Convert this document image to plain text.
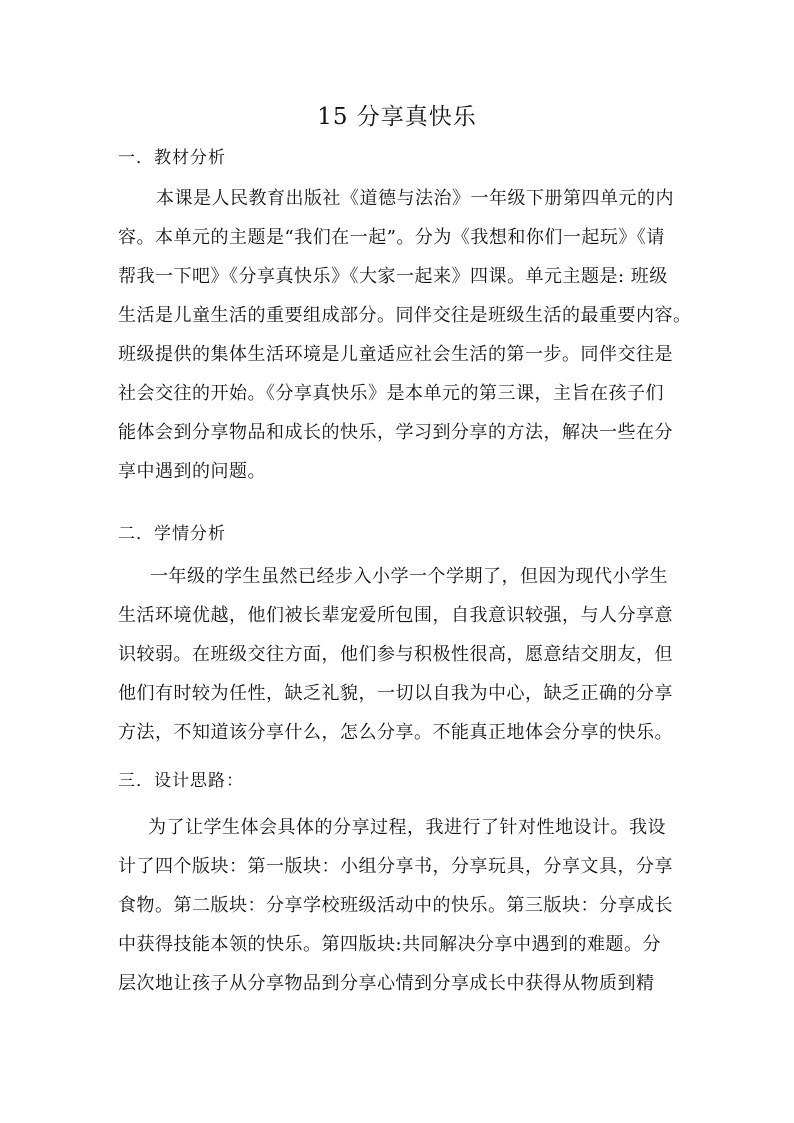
15 分享真快乐
一．教材分析
本课是人民教育出版社《道德与法治》一年级下册第四单元的内
容。本单元的主题是“我们在一起”。分为《我想和你们一起玩》《请
帮我一下吧》《分享真快乐》《大家一起来》四课。单元主题是: 班级
生活是儿童生活的重要组成部分。同伴交往是班级生活的最重要内容。
班级提供的集体生活环境是儿童适应社会生活的第一步。同伴交往是
社会交往的开始。《分享真快乐》是本单元的第三课，主旨在孩子们
能体会到分享物品和成长的快乐，学习到分享的方法，解决一些在分
享中遇到的问题。
二．学情分析
一年级的学生虽然已经步入小学一个学期了，但因为现代小学生
生活环境优越，他们被长辈宠爱所包围，自我意识较强，与人分享意
识较弱。在班级交往方面，他们参与积极性很高，愿意结交朋友，但
他们有时较为任性，缺乏礼貌，一切以自我为中心，缺乏正确的分享
方法，不知道该分享什么，怎么分享。不能真正地体会分享的快乐。
三．设计思路：
为了让学生体会具体的分享过程，我进行了针对性地设计。我设
计了四个版块：第一版块：小组分享书，分享玩具，分享文具，分享
食物。第二版块：分享学校班级活动中的快乐。第三版块：分享成长
中获得技能本领的快乐。第四版块:共同解决分享中遇到的难题。分
层次地让孩子从分享物品到分享心情到分享成长中获得从物质到精
